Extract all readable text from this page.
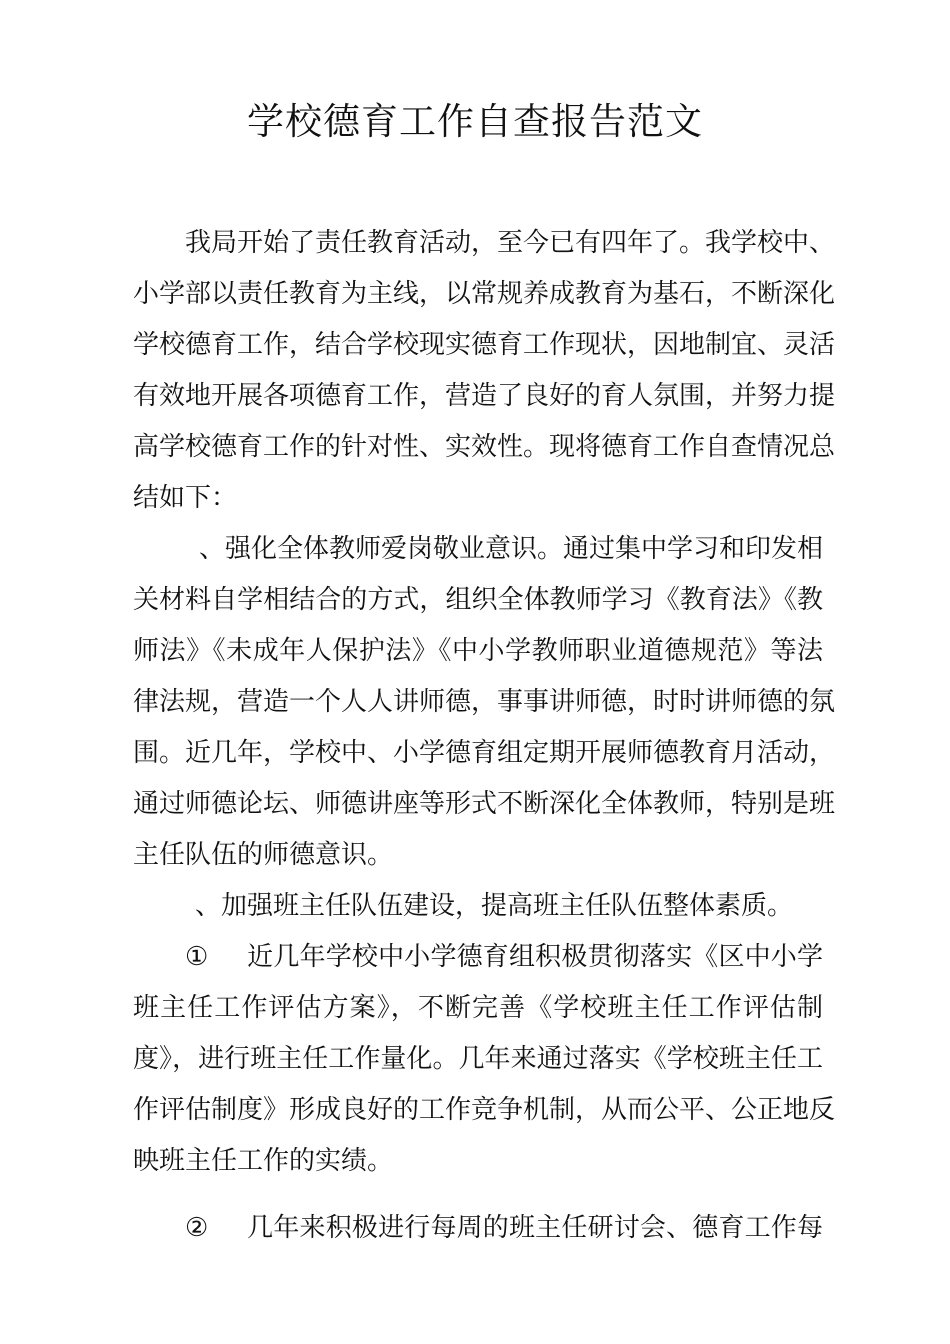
学校德育工作自查报告范文
我局开始了责任教育活动，至今已有四年了。我学校中、
小学部以责任教育为主线，以常规养成教育为基石，不断深化
学校德育工作，结合学校现实德育工作现状，因地制宜、灵活
有效地开展各项德育工作，营造了良好的育人氛围，并努力提
高学校德育工作的针对性、实效性。现将德育工作自查情况总
结如下：
、强化全体教师爱岗敬业意识。通过集中学习和印发相
关材料自学相结合的方式，组织全体教师学习《教育法》《教
师法》《未成年人保护法》《中小学教师职业道德规范》等法
律法规，营造一个人人讲师德，事事讲师德，时时讲师德的氛
围。近几年，学校中、小学德育组定期开展师德教育月活动，
通过师德论坛、师德讲座等形式不断深化全体教师，特别是班
主任队伍的师德意识。
、加强班主任队伍建设，提高班主任队伍整体素质。
① 近几年学校中小学德育组积极贯彻落实《区中小学
班主任工作评估方案》，不断完善《学校班主任工作评估制
度》，进行班主任工作量化。几年来通过落实《学校班主任工
作评估制度》形成良好的工作竞争机制，从而公平、公正地反
映班主任工作的实绩。
② 几年来积极进行每周的班主任研讨会、德育工作每
